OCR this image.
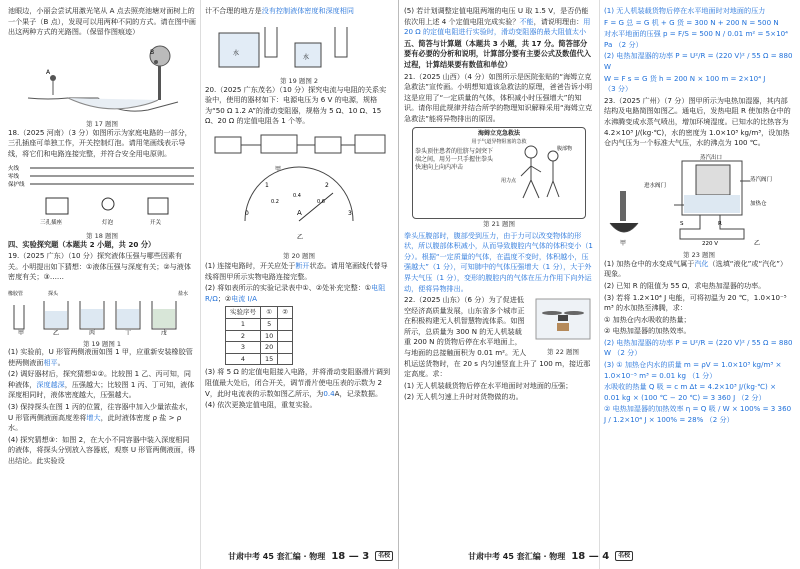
池眼边，小丽会尝试用激光笔从 A 点去照亮池塘对面树上的一个果子（B 点），发现可以用两种不同的方式。请在图中画出这两种方式的光路图。（保留作图痕迹）

A
B
第 17 题图

18.（2025 河南）（3 分）如图所示为家庭电路的一部分，三孔插座可单独工作，开关控制灯泡。请用笔画线表示导线，将它们和电路连接完整，并符合安全用电原则。

火线
零线
保护线
三孔插座	灯泡	开关
第 18 题图

四、实验探究题（本题共 2 小题，共 20 分）

19.（2025 广东）（10 分）探究液体压强与哪些因素有关。小明提出如下猜想：①液体压强与深度有关；②与液体密度有关；③……

甲	乙	丙	丁	戊
橡胶管	探头	盐水
第 19 题图 1

(1) 实验前，U 形管两侧液面如图 1 甲，应重新安装橡胶管使两侧液面相平。

(2) 调好器材后，探究猜想①②。比较图 1 乙、丙可知，同种液体，深度越深，压强越大；比较图 1 丙、丁可知，液体深度相同时，液体密度越大，压强越大。

(3) 保持探头在图 1 丙的位置，往容器中加入少量浓盐水，U 形管两侧液面高度差将增大，此时液体密度 ρ 盐 > ρ 水。

(4) 探究猜想③：如图 2，在大小不同容器中装入深度相同的液体，将探头分别放入容器底，观察 U 形管两侧液面，得出结论。此实验设

计不合理的地方是没有控制液体密度和深度相同

水
水
第 19 题图 2

20.（2025 广东茂名）（10 分）探究电流与电阻的关系实验中，使用的器材如下：电源电压为 6 V 的电源，规格为“50 Ω 1.2 A”的滑动变阻器，规格为 5 Ω、10 Ω、15 Ω、20 Ω 的定值电阻各 1 个等。

甲
0
1	2
3
0.2
0.4
0.6
A
乙
第 20 题图

(1) 连接电路时，开关应处于断开状态。请用笔画线代替导线将图甲所示实物电路连接完整。

(2) 将如表所示的实验记录表中①、②处补充完整：①电阻 R/Ω；②电流 I/A

实验序号	①	②
1	5	
2	10	
3	20	
4	15	

(3) 将 5 Ω 的定值电阻接入电路，并将滑动变阻器滑片调到阻值最大处后，闭合开关，调节滑片使电压表的示数为 2 V，此时电流表的示数如图乙所示，为0.4A，记录数据。

(4) 依次更换定值电阻，重复实验。

(5) 若计划调整定值电阻两端的电压 U 取 1.5 V，是否仍能依次用上述 4 个定值电阻完成实验？不能，请说明理由：用 20 Ω 的定值电阻进行实验时，滑动变阻器的最大阻值太小

五、简答与计算题（本题共 3 小题，共 17 分。简答部分要有必要的分析和说明，计算部分要有主要公式及数值代入过程，计算结果要有数值和单位）

21.（2025 山西）（4 分）如图所示是医院张贴的“海姆立克急救法”宣传画。小明想知道该急救法的原理，爸爸告诉小明这是应用了“一定质量的气体，体积减小时压强增大”的知识。请你用此规律并结合所学的物理知识解释采用“海姆立克急救法”能将异物排出的原因。

海姆立克急救法
用于气道异物阻塞的急救
拳头顶住患者的肚脐与剑突下端之间，用另一只手握住拳头快速向上向内冲击
腹部物
用力点
第 21 题图

拳头压腹部时，腹部受到压力，由于力可以改变物体的形状，所以腹部体积减小，从而导致腹腔内气体的体积变小（1 分）。根据“一定质量的气体，在温度不变时，体积越小，压强越大”（1 分），可知肺中的气体压强增大（1 分），大于外界大气压（1 分），变形的腹腔内的气体在压力作用下向外运动，便将异物排出。

第 22 题图

22.（2025 山东）（6 分）为了促进低空经济高质量发展，山东省多个城市正在积极构建无人机智慧物流体系。如图所示，总质量为 300 N 的无人机装载重 200 N 的货物后停在水平地面上，与地面的总接触面积为 0.01 m²。无人机运送货物时，在 20 s 内匀速竖直上升了 100 m，接近那定高度。求：

(1) 无人机装载货物后停在水平地面时对地面的压强；

(2) 无人机匀速上升时对货物做的功。

(1) 无人机装载货物后停在水平地面时对地面的压力

F = G 总 = G 机 + G 货 = 300 N + 200 N = 500 N

对水平地面的压强 p = F/S = 500 N / 0.01 m² = 5×10⁴ Pa （2 分）

(2) 电热加湿器的功率 P = U²/R = (220 V)² / 55 Ω = 880 W

W = F s = G 货 h = 200 N × 100 m = 2×10⁴ J （3 分）

23.（2025 广州）（7 分）图甲所示为电热加湿器，其内部结构及电路简图如图乙。通电后，发热电阻 R 使加热仓中的水沸腾变成水蒸气喷出，增加环境湿度。已知水的比热容为 4.2×10³ J/(kg·℃)，水的密度为 1.0×10³ kg/m³，设加热仓内气压为一个标准大气压，水的沸点为 100 ℃。

蒸汽出口
进水阀门
蒸汽阀门
加热仓
S	R
220 V
甲	乙
第 23 题图

(1) 加热仓中的水变成气属于汽化（选填“液化”或“汽化”）现象。

(2) 已知 R 的阻值为 55 Ω，求电热加湿器的功率。

(3) 若将 1.2×10⁴ J 电能，可将初温为 20 ℃，1.0×10⁻⁵ m³ 的水加热至沸腾，求：

① 加热仓内水吸收的热量；

② 电热加湿器的加热效率。

(2) 电热加湿器的功率 P = U²/R = (220 V)² / 55 Ω = 880 W （2 分）

(3) ① 加热仓内水的质量 m = ρV = 1.0×10³ kg/m³ × 1.0×10⁻⁵ m³ = 0.01 kg （1 分）

水吸收的热量 Q 吸 = c m Δt = 4.2×10³ J/(kg·℃) × 0.01 kg × (100 ℃ − 20 ℃) = 3 360 J （2 分）

② 电热加湿器的加热效率 η = Q 吸 / W × 100% = 3 360 J / 1.2×10⁴ J × 100% = 28% （2 分）

甘肃中考 45 套汇编 · 物理 18 — 3	名校	甘肃中考 45 套汇编 · 物理 18 — 4	名校
